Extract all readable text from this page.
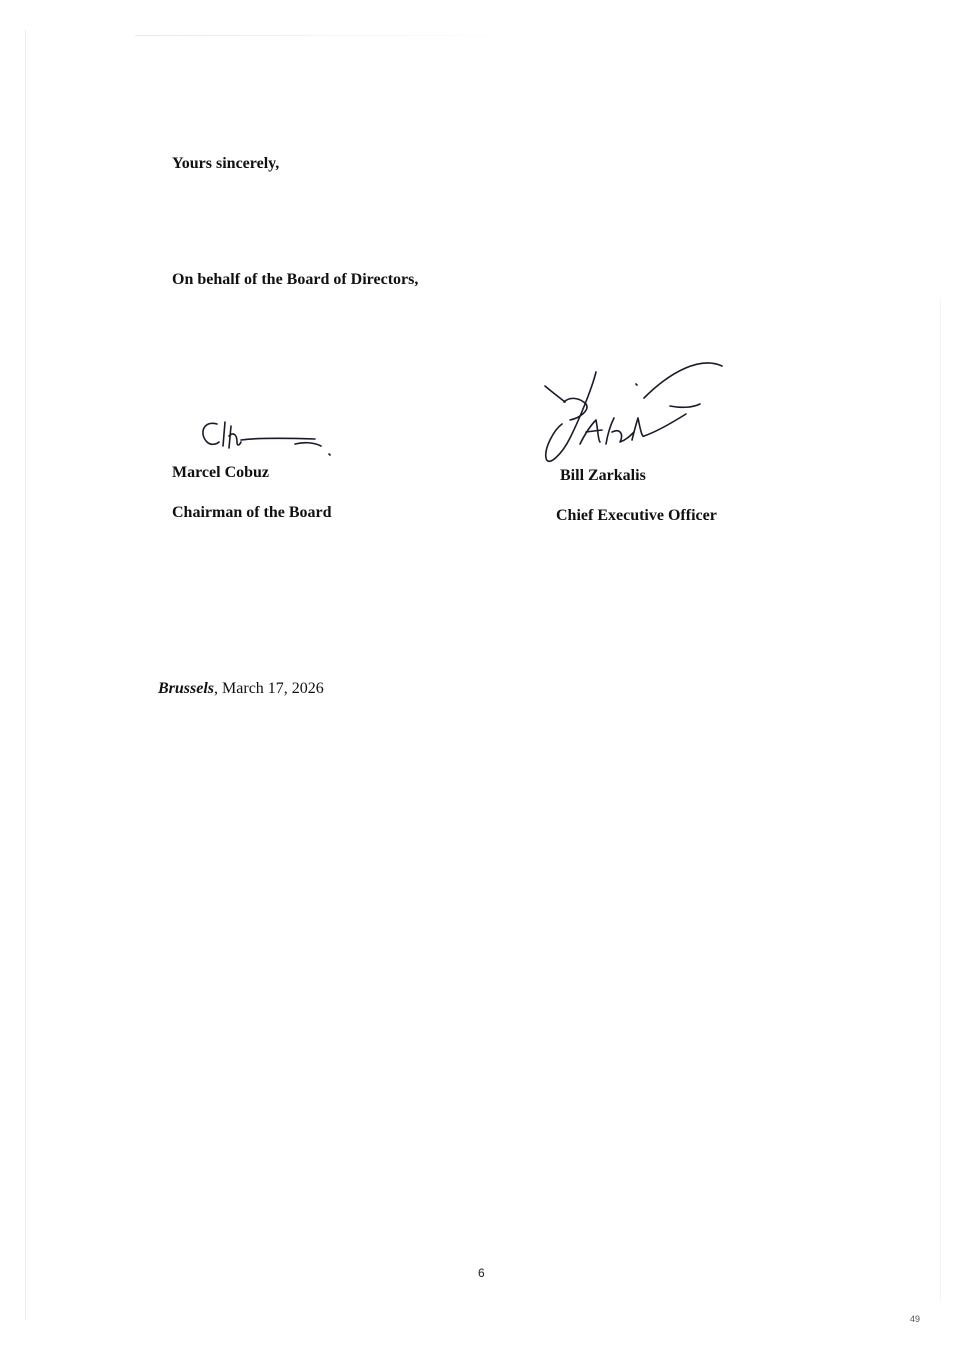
Yours sincerely,
On behalf of the Board of Directors,
Marcel Cobuz
Chairman of the Board
Bill Zarkalis
Chief Executive Officer
Brussels, March 17, 2026
6
49
